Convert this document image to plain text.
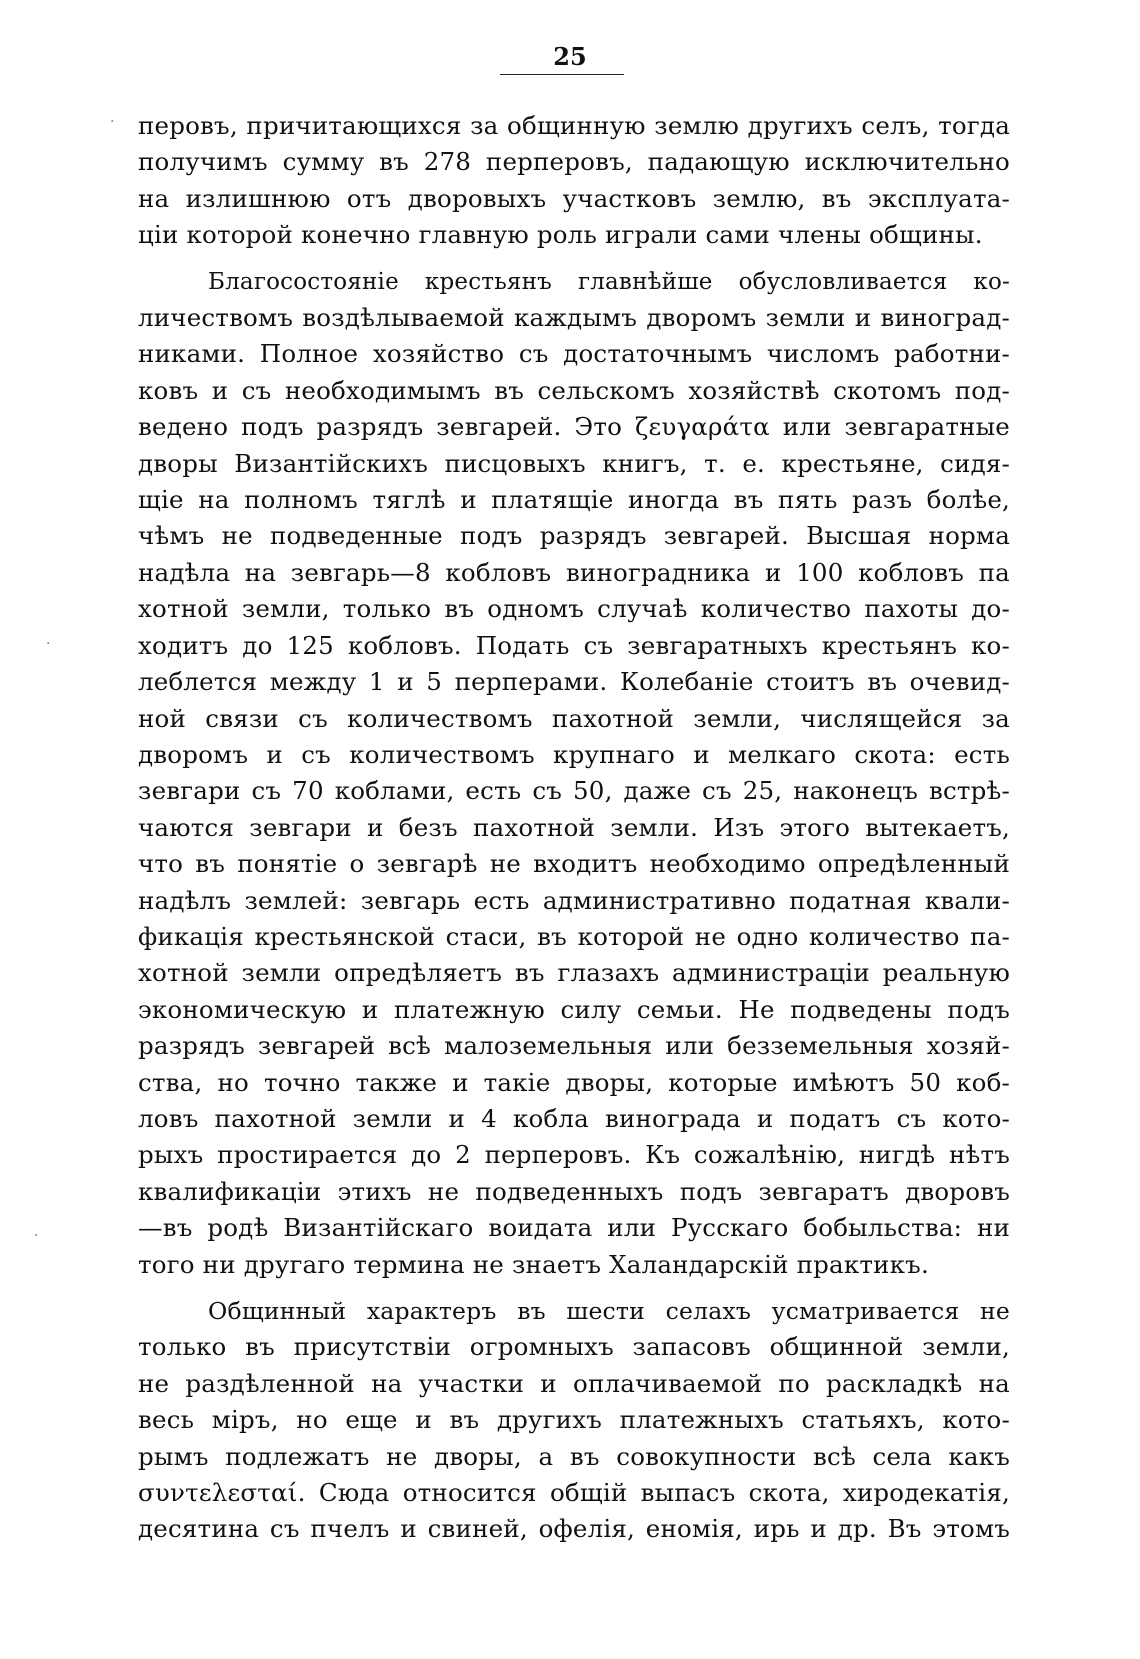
25
перовъ, причитающихся за общинную землю другихъ селъ, тогда
получимъ сумму въ 278 перперовъ, падающую исключительно
на излишнюю отъ дворовыхъ участковъ землю, въ эксплуата-
ціи которой конечно главную роль играли сами члены общины.
Благосостояніе крестьянъ главнѣйше обусловливается ко-
личествомъ воздѣлываемой каждымъ дворомъ земли и виноград-
никами. Полное хозяйство съ достаточнымъ числомъ работни-
ковъ и съ необходимымъ въ сельскомъ хозяйствѣ скотомъ под-
ведено подъ разрядъ зевгарей. Это ζευγαράτα или зевгаратные
дворы Византійскихъ писцовыхъ книгъ, т. е. крестьяне, сидя-
щіе на полномъ тяглѣ и платящіе иногда въ пять разъ болѣе,
чѣмъ не подведенные подъ разрядъ зевгарей. Высшая норма
надѣла на зевгарь—8 кобловъ виноградника и 100 кобловъ па
хотной земли, только въ одномъ случаѣ количество пахоты до-
ходитъ до 125 кобловъ. Подать съ зевгаратныхъ крестьянъ ко-
леблется между 1 и 5 перперами. Колебаніе стоитъ въ очевид-
ной связи съ количествомъ пахотной земли, числящейся за
дворомъ и съ количествомъ крупнаго и мелкаго скота: есть
зевгари съ 70 коблами, есть съ 50, даже съ 25, наконецъ встрѣ-
чаются зевгари и безъ пахотной земли. Изъ этого вытекаетъ,
что въ понятіе о зевгарѣ не входитъ необходимо опредѣленный
надѣлъ землей: зевгарь есть административно податная квали-
фикація крестьянской стаси, въ которой не одно количество па-
хотной земли опредѣляетъ въ глазахъ администраціи реальную
экономическую и платежную силу семьи. Не подведены подъ
разрядъ зевгарей всѣ малоземельныя или безземельныя хозяй-
ства, но точно также и такіе дворы, которые имѣютъ 50 коб-
ловъ пахотной земли и 4 кобла винограда и податъ съ кото-
рыхъ простирается до 2 перперовъ. Къ сожалѣнію, нигдѣ нѣтъ
квалификаціи этихъ не подведенныхъ подъ зевгаратъ дворовъ
—въ родѣ Византійскаго воидата или Русскаго бобыльства: ни
того ни другаго термина не знаетъ Халандарскій практикъ.
Общинный характеръ въ шести селахъ усматривается не
только въ присутствіи огромныхъ запасовъ общинной земли,
не раздѣленной на участки и оплачиваемой по раскладкѣ на
весь міръ, но еще и въ другихъ платежныхъ статьяхъ, кото-
рымъ подлежатъ не дворы, а въ совокупности всѣ села какъ
συντελεσταί. Сюда относится общій выпасъ скота, хиродекатія,
десятина съ пчелъ и свиней, офелія, еномія, ирь и др. Въ этомъ
·
·
·
